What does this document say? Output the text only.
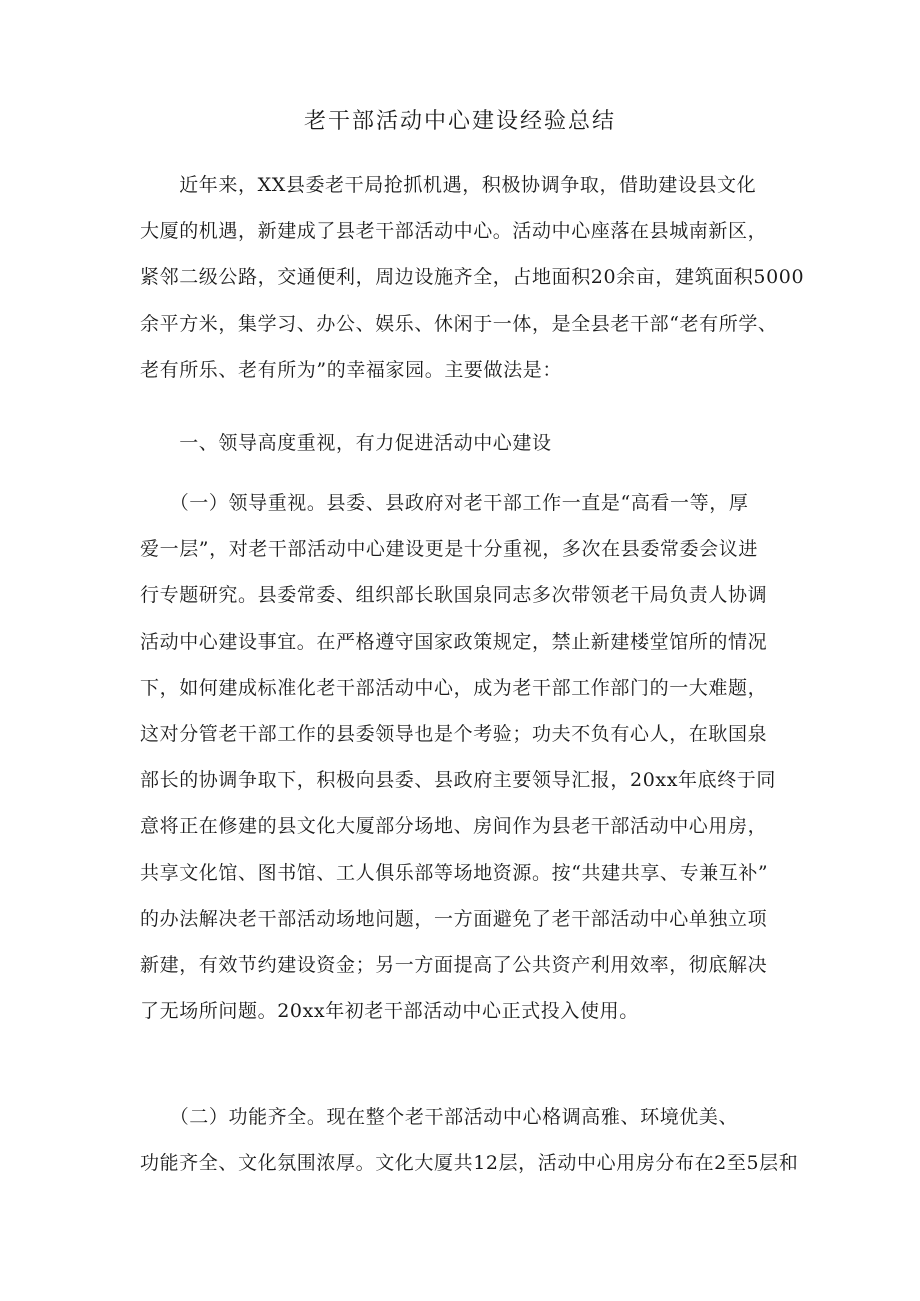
老干部活动中心建设经验总结

　　近年来，XX县委老干局抢抓机遇，积极协调争取，借助建设县文化
大厦的机遇，新建成了县老干部活动中心。活动中心座落在县城南新区，
紧邻二级公路，交通便利，周边设施齐全，占地面积20余亩，建筑面积5000
余平方米，集学习、办公、娱乐、休闲于一体，是全县老干部“老有所学、
老有所乐、老有所为”的幸福家园。主要做法是：

　　一、领导高度重视，有力促进活动中心建设

　　（一）领导重视。县委、县政府对老干部工作一直是“高看一等，厚
爱一层”，对老干部活动中心建设更是十分重视，多次在县委常委会议进
行专题研究。县委常委、组织部长耿国泉同志多次带领老干局负责人协调
活动中心建设事宜。在严格遵守国家政策规定，禁止新建楼堂馆所的情况
下，如何建成标准化老干部活动中心，成为老干部工作部门的一大难题，
这对分管老干部工作的县委领导也是个考验；功夫不负有心人，在耿国泉
部长的协调争取下，积极向县委、县政府主要领导汇报，20xx年底终于同
意将正在修建的县文化大厦部分场地、房间作为县老干部活动中心用房，
共享文化馆、图书馆、工人俱乐部等场地资源。按“共建共享、专兼互补”
的办法解决老干部活动场地问题，一方面避免了老干部活动中心单独立项
新建，有效节约建设资金；另一方面提高了公共资产利用效率，彻底解决
了无场所问题。20xx年初老干部活动中心正式投入使用。

　　（二）功能齐全。现在整个老干部活动中心格调高雅、环境优美、
功能齐全、文化氛围浓厚。文化大厦共12层，活动中心用房分布在2至5层和
